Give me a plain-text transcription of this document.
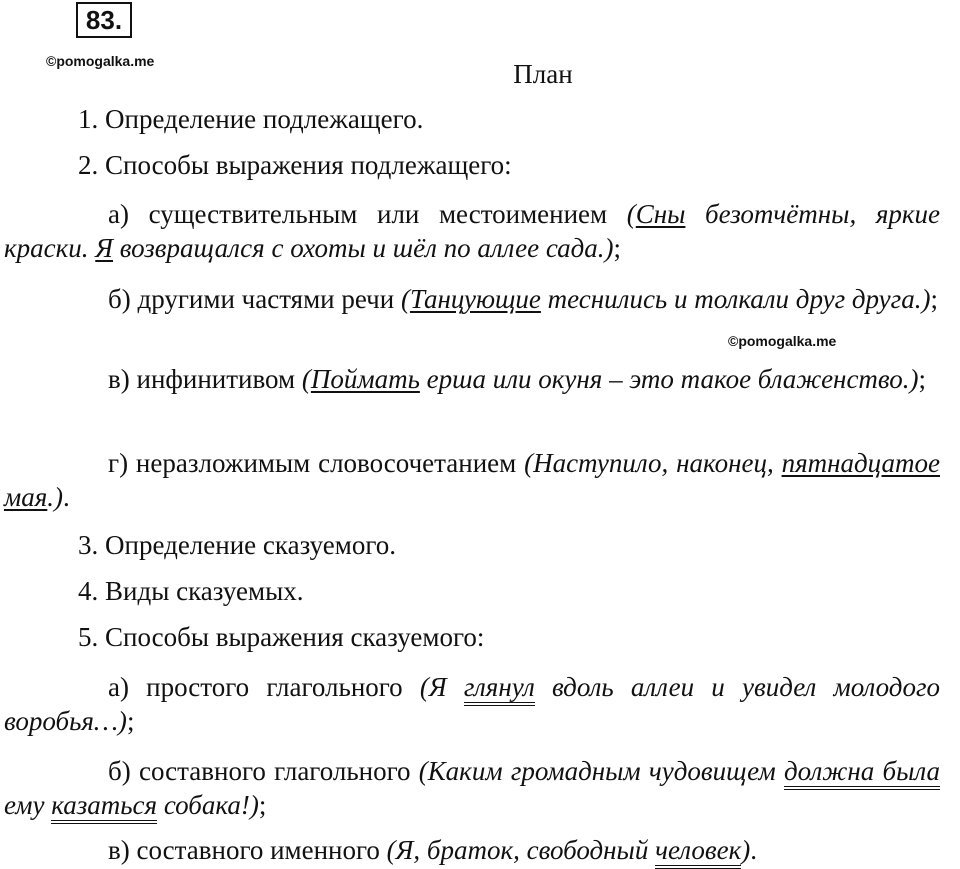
83.
©pomogalka.me	План

1. Определение подлежащего.

2. Способы выражения подлежащего:

а) существительным или местоимением (Сны безотчётны, яркие краски. Я возвращался с охоты и шёл по аллее сада.);

б) другими частями речи (Танцующие теснились и толкали друг друга.);

©pomogalka.me

в) инфинитивом (Поймать ерша или окуня – это такое блаженство.);

г) неразложимым словосочетанием (Наступило, наконец, пятнадцатое мая.).

3. Определение сказуемого.

4. Виды сказуемых.

5. Способы выражения сказуемого:

а) простого глагольного (Я глянул вдоль аллеи и увидел молодого воробья…);

б) составного глагольного (Каким громадным чудовищем должна была ему казаться собака!);

в) составного именного (Я, браток, свободный человек).
